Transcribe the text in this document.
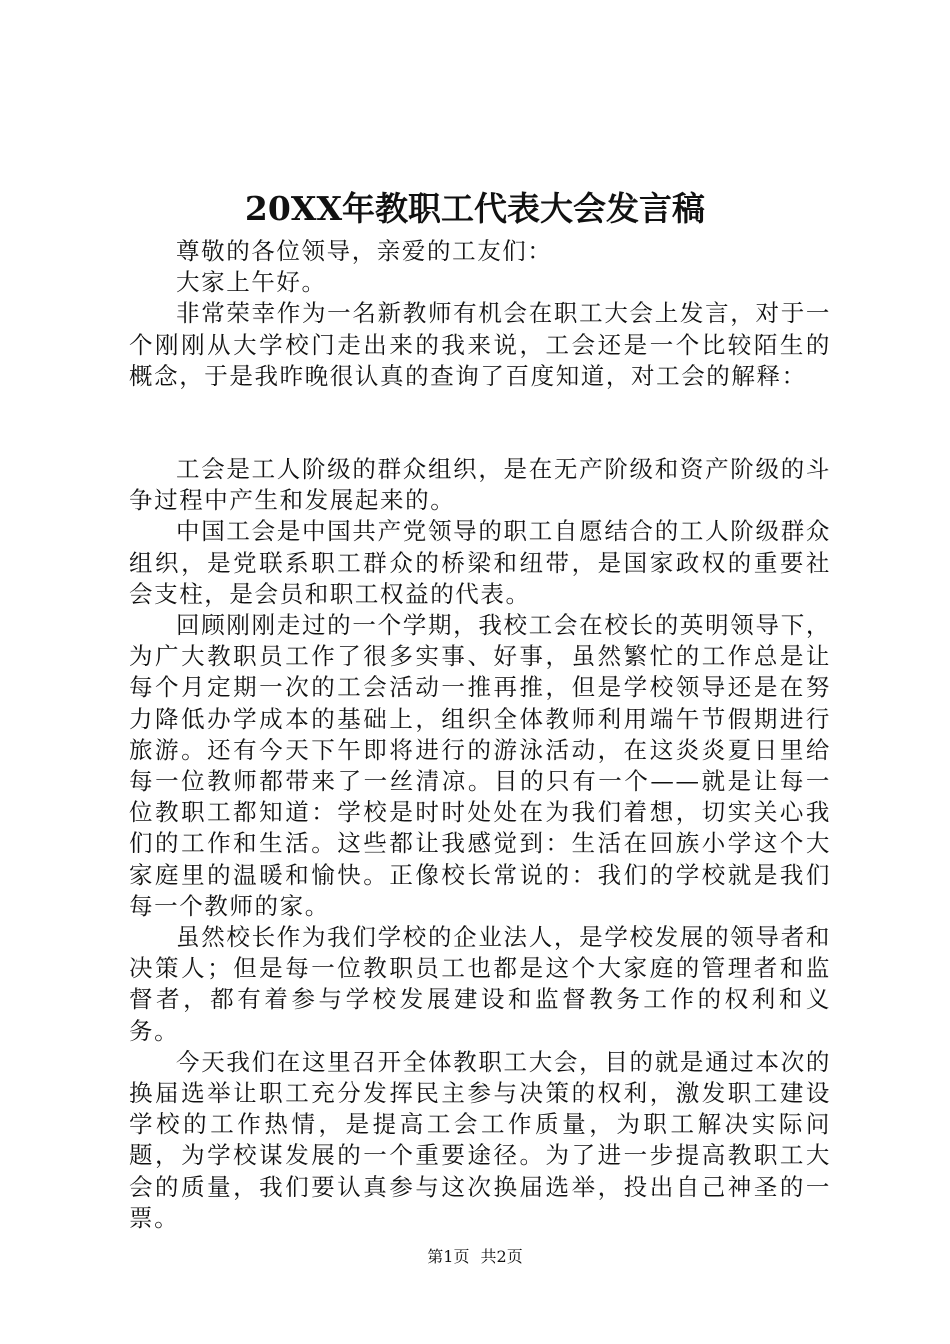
20XX年教职工代表大会发言稿

尊敬的各位领导，亲爱的工友们：

大家上午好。

非常荣幸作为一名新教师有机会在职工大会上发言，对于一个刚刚从大学校门走出来的我来说，工会还是一个比较陌生的概念，于是我昨晚很认真的查询了百度知道，对工会的解释：

工会是工人阶级的群众组织，是在无产阶级和资产阶级的斗争过程中产生和发展起来的。

中国工会是中国共产党领导的职工自愿结合的工人阶级群众组织，是党联系职工群众的桥梁和纽带，是国家政权的重要社会支柱，是会员和职工权益的代表。

回顾刚刚走过的一个学期，我校工会在校长的英明领导下，为广大教职员工作了很多实事、好事，虽然繁忙的工作总是让每个月定期一次的工会活动一推再推，但是学校领导还是在努力降低办学成本的基础上，组织全体教师利用端午节假期进行旅游。还有今天下午即将进行的游泳活动，在这炎炎夏日里给每一位教师都带来了一丝清凉。目的只有一个——就是让每一位教职工都知道：学校是时时处处在为我们着想，切实关心我们的工作和生活。这些都让我感觉到：生活在回族小学这个大家庭里的温暖和愉快。正像校长常说的：我们的学校就是我们每一个教师的家。

虽然校长作为我们学校的企业法人，是学校发展的领导者和决策人；但是每一位教职员工也都是这个大家庭的管理者和监督者，都有着参与学校发展建设和监督教务工作的权利和义务。

今天我们在这里召开全体教职工大会，目的就是通过本次的换届选举让职工充分发挥民主参与决策的权利，激发职工建设学校的工作热情，是提高工会工作质量，为职工解决实际问题，为学校谋发展的一个重要途径。为了进一步提高教职工大会的质量，我们要认真参与这次换届选举，投出自己神圣的一票。

第1页 共2页
